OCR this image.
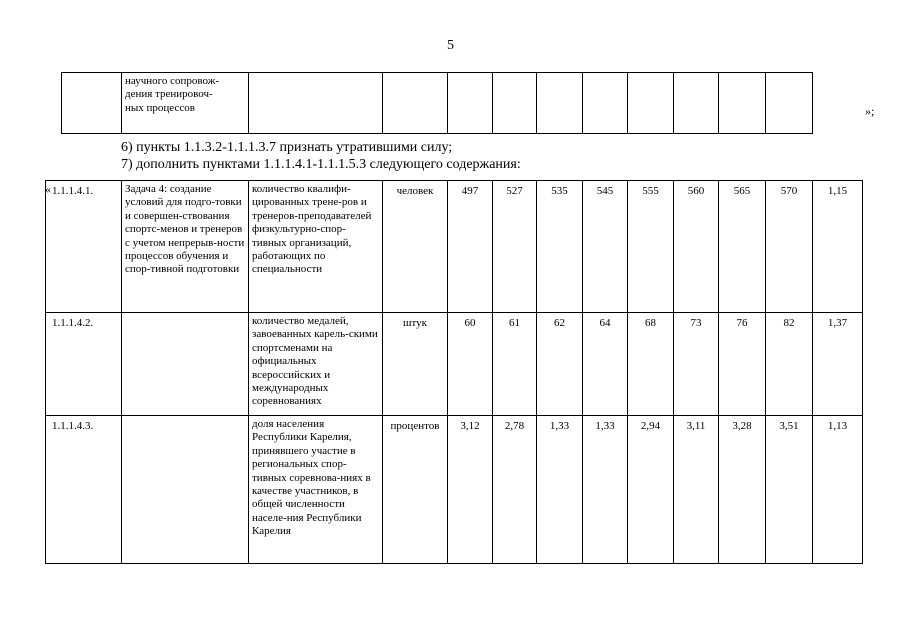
5
	научного сопровож-
дения тренировоч-
ных процессов											»;
6) пункты 1.1.3.2-1.1.1.3.7 признать утратившими силу;
7) дополнить пунктами 1.1.1.4.1-1.1.1.5.3 следующего содержания:
« 1.1.1.4.1.	Задача 4: создание условий для подго-товки и совершен-ствования спортс-менов и тренеров с учетом непрерыв-ности процессов обучения и спор-тивной подготовки	количество квалифи-цированных трене-ров и тренеров-преподавателей физкультурно-спор-тивных организаций, работающих по специальности	человек	497	527	535	545	555	560	565	570	1,15
1.1.1.4.2.		количество медалей, завоеванных карель-скими спортсменами на официальных всероссийских и международных соревнованиях	штук	60	61	62	64	68	73	76	82	1,37
1.1.1.4.3.		доля населения Республики Карелия, принявшего участие в региональных спор-тивных соревнова-ниях в качестве участников, в общей численности населе-ния Республики Карелия	процентов	3,12	2,78	1,33	1,33	2,94	3,11	3,28	3,51	1,13
